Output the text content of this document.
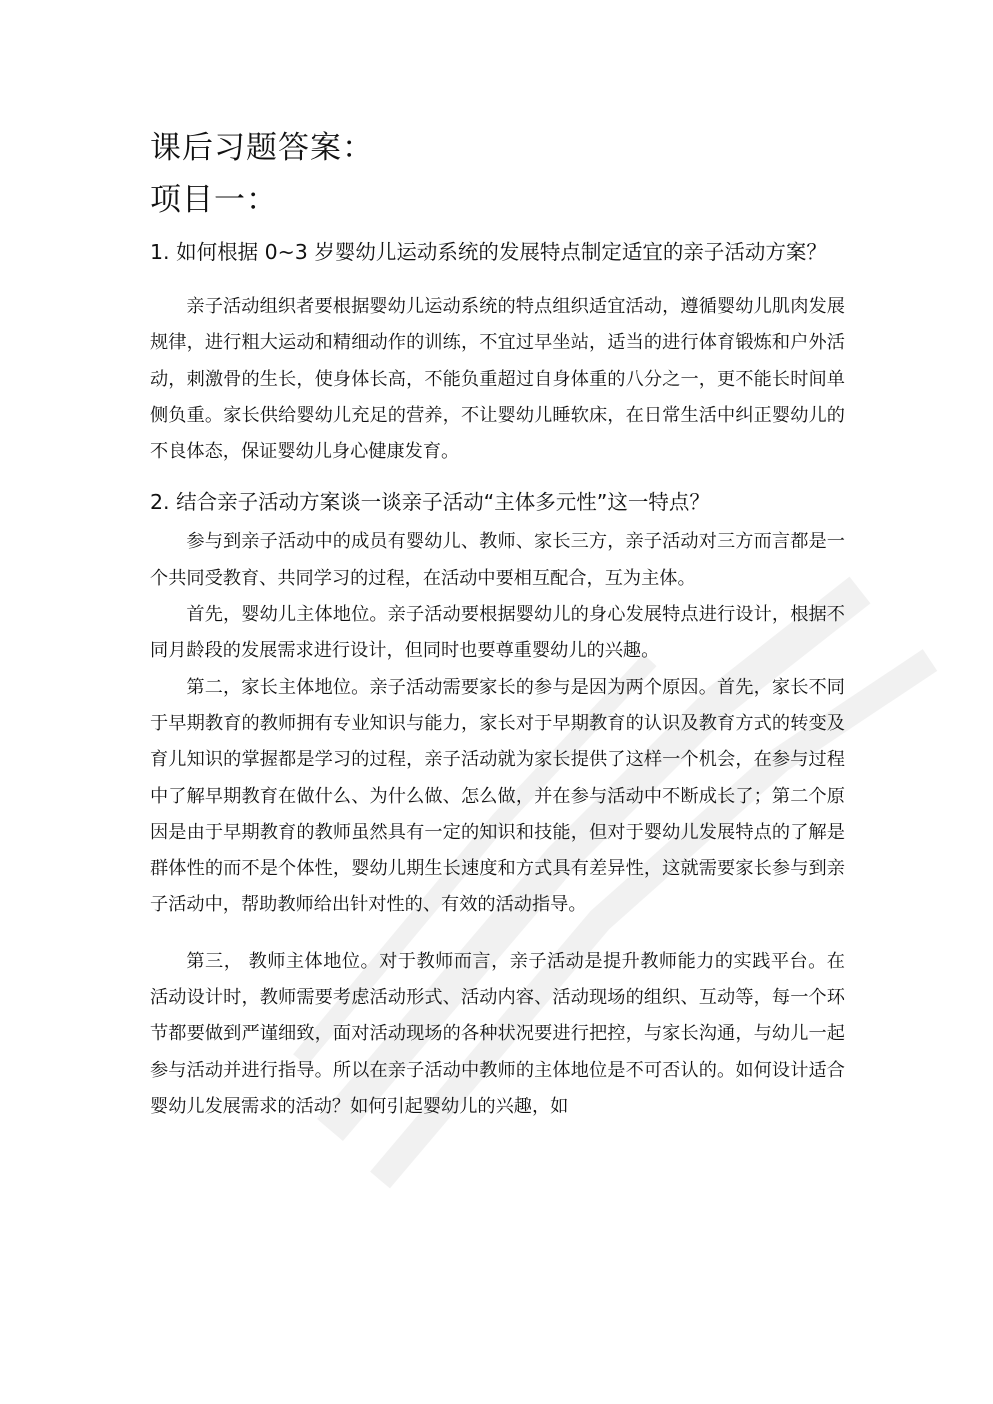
课后习题答案：
项目一：

1. 如何根据 0~3 岁婴幼儿运动系统的发展特点制定适宜的亲子活动方案？

亲子活动组织者要根据婴幼儿运动系统的特点组织适宜活动，遵循婴幼儿肌肉发展规律，进行粗大运动和精细动作的训练，不宜过早坐站，适当的进行体育锻炼和户外活动，刺激骨的生长，使身体长高，不能负重超过自身体重的八分之一，更不能长时间单侧负重。家长供给婴幼儿充足的营养，不让婴幼儿睡软床，在日常生活中纠正婴幼儿的不良体态，保证婴幼儿身心健康发育。

2. 结合亲子活动方案谈一谈亲子活动“主体多元性”这一特点？

参与到亲子活动中的成员有婴幼儿、教师、家长三方，亲子活动对三方而言都是一个共同受教育、共同学习的过程，在活动中要相互配合，互为主体。

首先，婴幼儿主体地位。亲子活动要根据婴幼儿的身心发展特点进行设计，根据不同月龄段的发展需求进行设计，但同时也要尊重婴幼儿的兴趣。

第二，家长主体地位。亲子活动需要家长的参与是因为两个原因。首先，家长不同于早期教育的教师拥有专业知识与能力，家长对于早期教育的认识及教育方式的转变及育儿知识的掌握都是学习的过程，亲子活动就为家长提供了这样一个机会，在参与过程中了解早期教育在做什么、为什么做、怎么做，并在参与活动中不断成长了；第二个原因是由于早期教育的教师虽然具有一定的知识和技能，但对于婴幼儿发展特点的了解是群体性的而不是个体性，婴幼儿期生长速度和方式具有差异性，这就需要家长参与到亲子活动中，帮助教师给出针对性的、有效的活动指导。

第三， 教师主体地位。对于教师而言，亲子活动是提升教师能力的实践平台。在活动设计时，教师需要考虑活动形式、活动内容、活动现场的组织、互动等，每一个环节都要做到严谨细致，面对活动现场的各种状况要进行把控，与家长沟通，与幼儿一起参与活动并进行指导。所以在亲子活动中教师的主体地位是不可否认的。如何设计适合婴幼儿发展需求的活动？如何引起婴幼儿的兴趣，如
